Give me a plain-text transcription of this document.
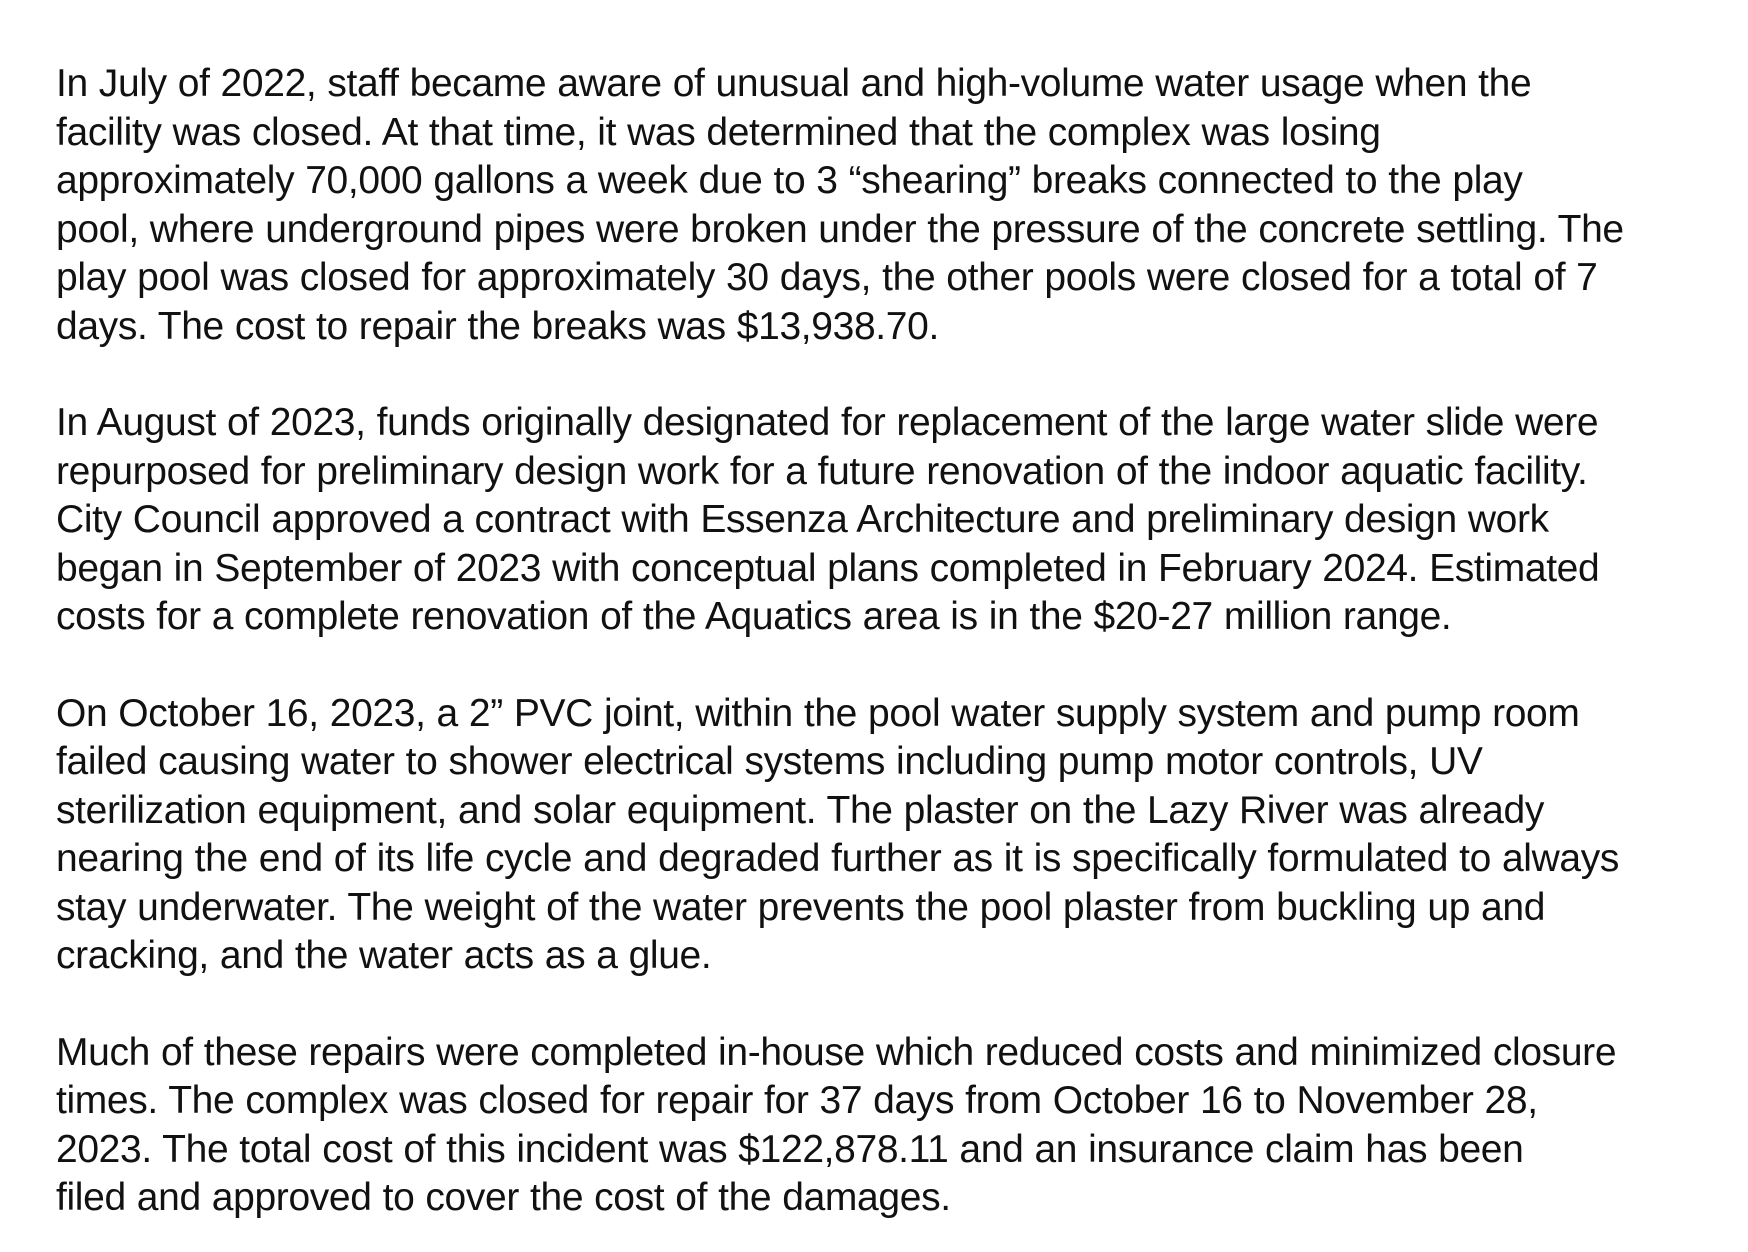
In July of 2022, staff became aware of unusual and high-volume water usage when the
facility was closed. At that time, it was determined that the complex was losing
approximately 70,000 gallons a week due to 3 “shearing” breaks connected to the play
pool, where underground pipes were broken under the pressure of the concrete settling. The
play pool was closed for approximately 30 days, the other pools were closed for a total of 7
days. The cost to repair the breaks was $13,938.70.

In August of 2023, funds originally designated for replacement of the large water slide were
repurposed for preliminary design work for a future renovation of the indoor aquatic facility.
City Council approved a contract with Essenza Architecture and preliminary design work
began in September of 2023 with conceptual plans completed in February 2024. Estimated
costs for a complete renovation of the Aquatics area is in the $20-27 million range.

On October 16, 2023, a 2” PVC joint, within the pool water supply system and pump room
failed causing water to shower electrical systems including pump motor controls, UV
sterilization equipment, and solar equipment. The plaster on the Lazy River was already
nearing the end of its life cycle and degraded further as it is specifically formulated to always
stay underwater. The weight of the water prevents the pool plaster from buckling up and
cracking, and the water acts as a glue.

Much of these repairs were completed in-house which reduced costs and minimized closure
times. The complex was closed for repair for 37 days from October 16 to November 28,
2023. The total cost of this incident was $122,878.11 and an insurance claim has been
filed and approved to cover the cost of the damages.
